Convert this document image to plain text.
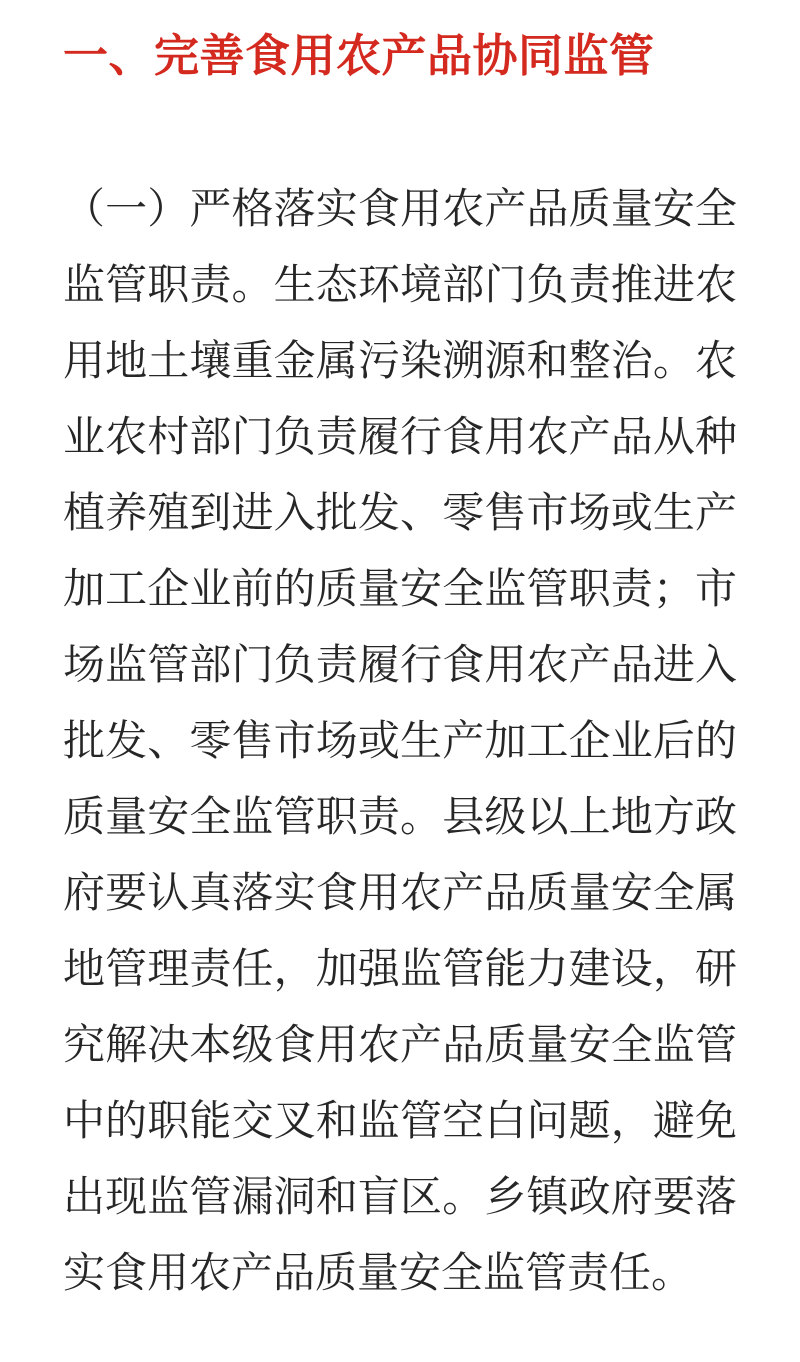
一、完善食用农产品协同监管

（一）严格落实食用农产品质量安全监管职责。生态环境部门负责推进农用地土壤重金属污染溯源和整治。农业农村部门负责履行食用农产品从种植养殖到进入批发、零售市场或生产加工企业前的质量安全监管职责；市场监管部门负责履行食用农产品进入批发、零售市场或生产加工企业后的质量安全监管职责。县级以上地方政府要认真落实食用农产品质量安全属地管理责任，加强监管能力建设，研究解决本级食用农产品质量安全监管中的职能交叉和监管空白问题，避免出现监管漏洞和盲区。乡镇政府要落实食用农产品质量安全监管责任。
